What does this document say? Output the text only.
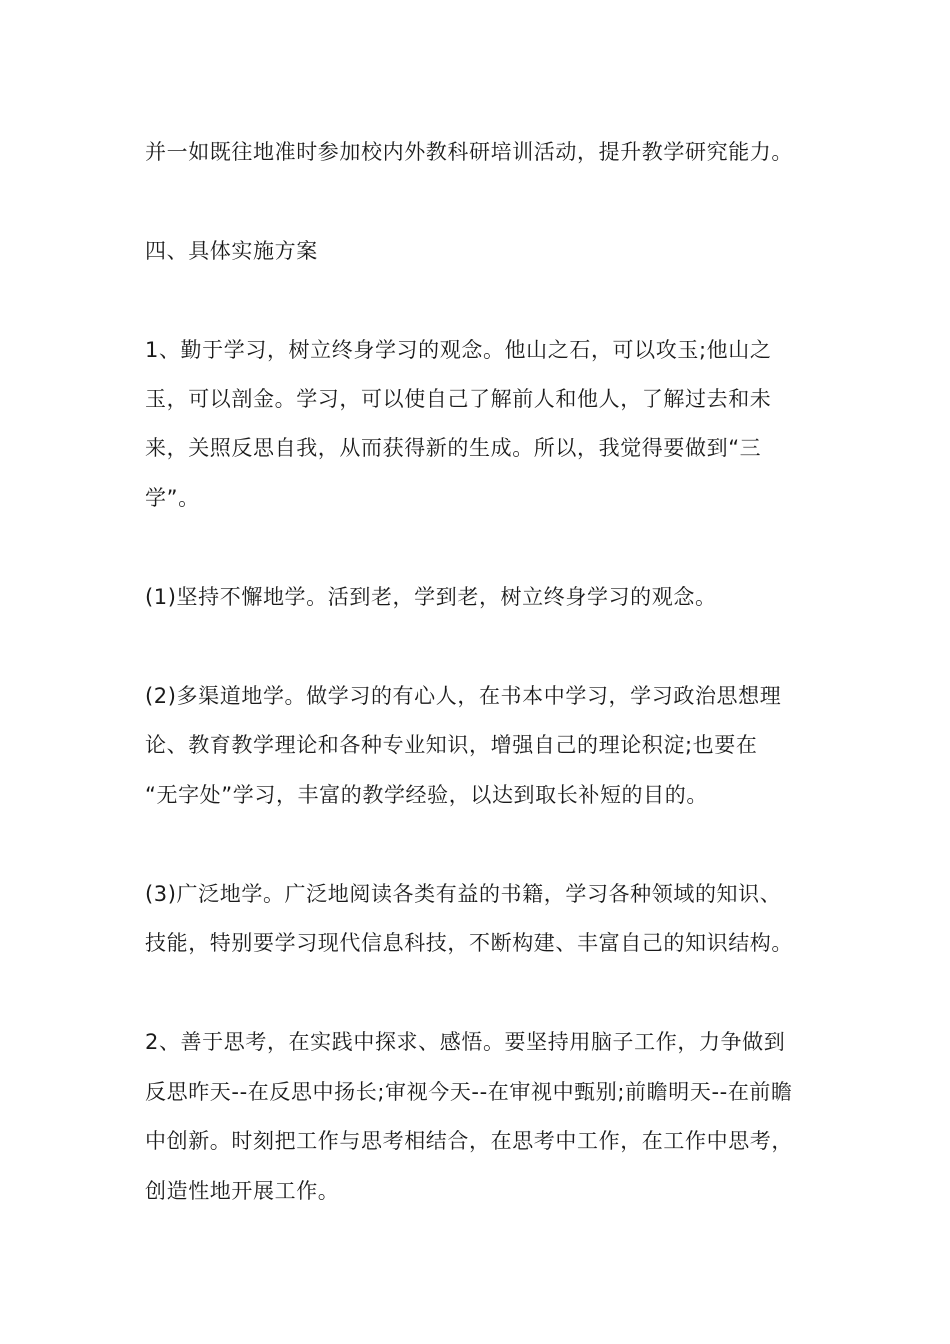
并一如既往地准时参加校内外教科研培训活动，提升教学研究能力。
四、具体实施方案
1、勤于学习，树立终身学习的观念。他山之石，可以攻玉;他山之
玉，可以剖金。学习，可以使自己了解前人和他人，了解过去和未
来，关照反思自我，从而获得新的生成。所以，我觉得要做到“三
学”。
(1)坚持不懈地学。活到老，学到老，树立终身学习的观念。
(2)多渠道地学。做学习的有心人，在书本中学习，学习政治思想理
论、教育教学理论和各种专业知识，增强自己的理论积淀;也要在
“无字处”学习，丰富的教学经验，以达到取长补短的目的。
(3)广泛地学。广泛地阅读各类有益的书籍，学习各种领域的知识、
技能，特别要学习现代信息科技，不断构建、丰富自己的知识结构。
2、善于思考，在实践中探求、感悟。要坚持用脑子工作，力争做到
反思昨天--在反思中扬长;审视今天--在审视中甄别;前瞻明天--在前瞻
中创新。时刻把工作与思考相结合，在思考中工作，在工作中思考，
创造性地开展工作。
